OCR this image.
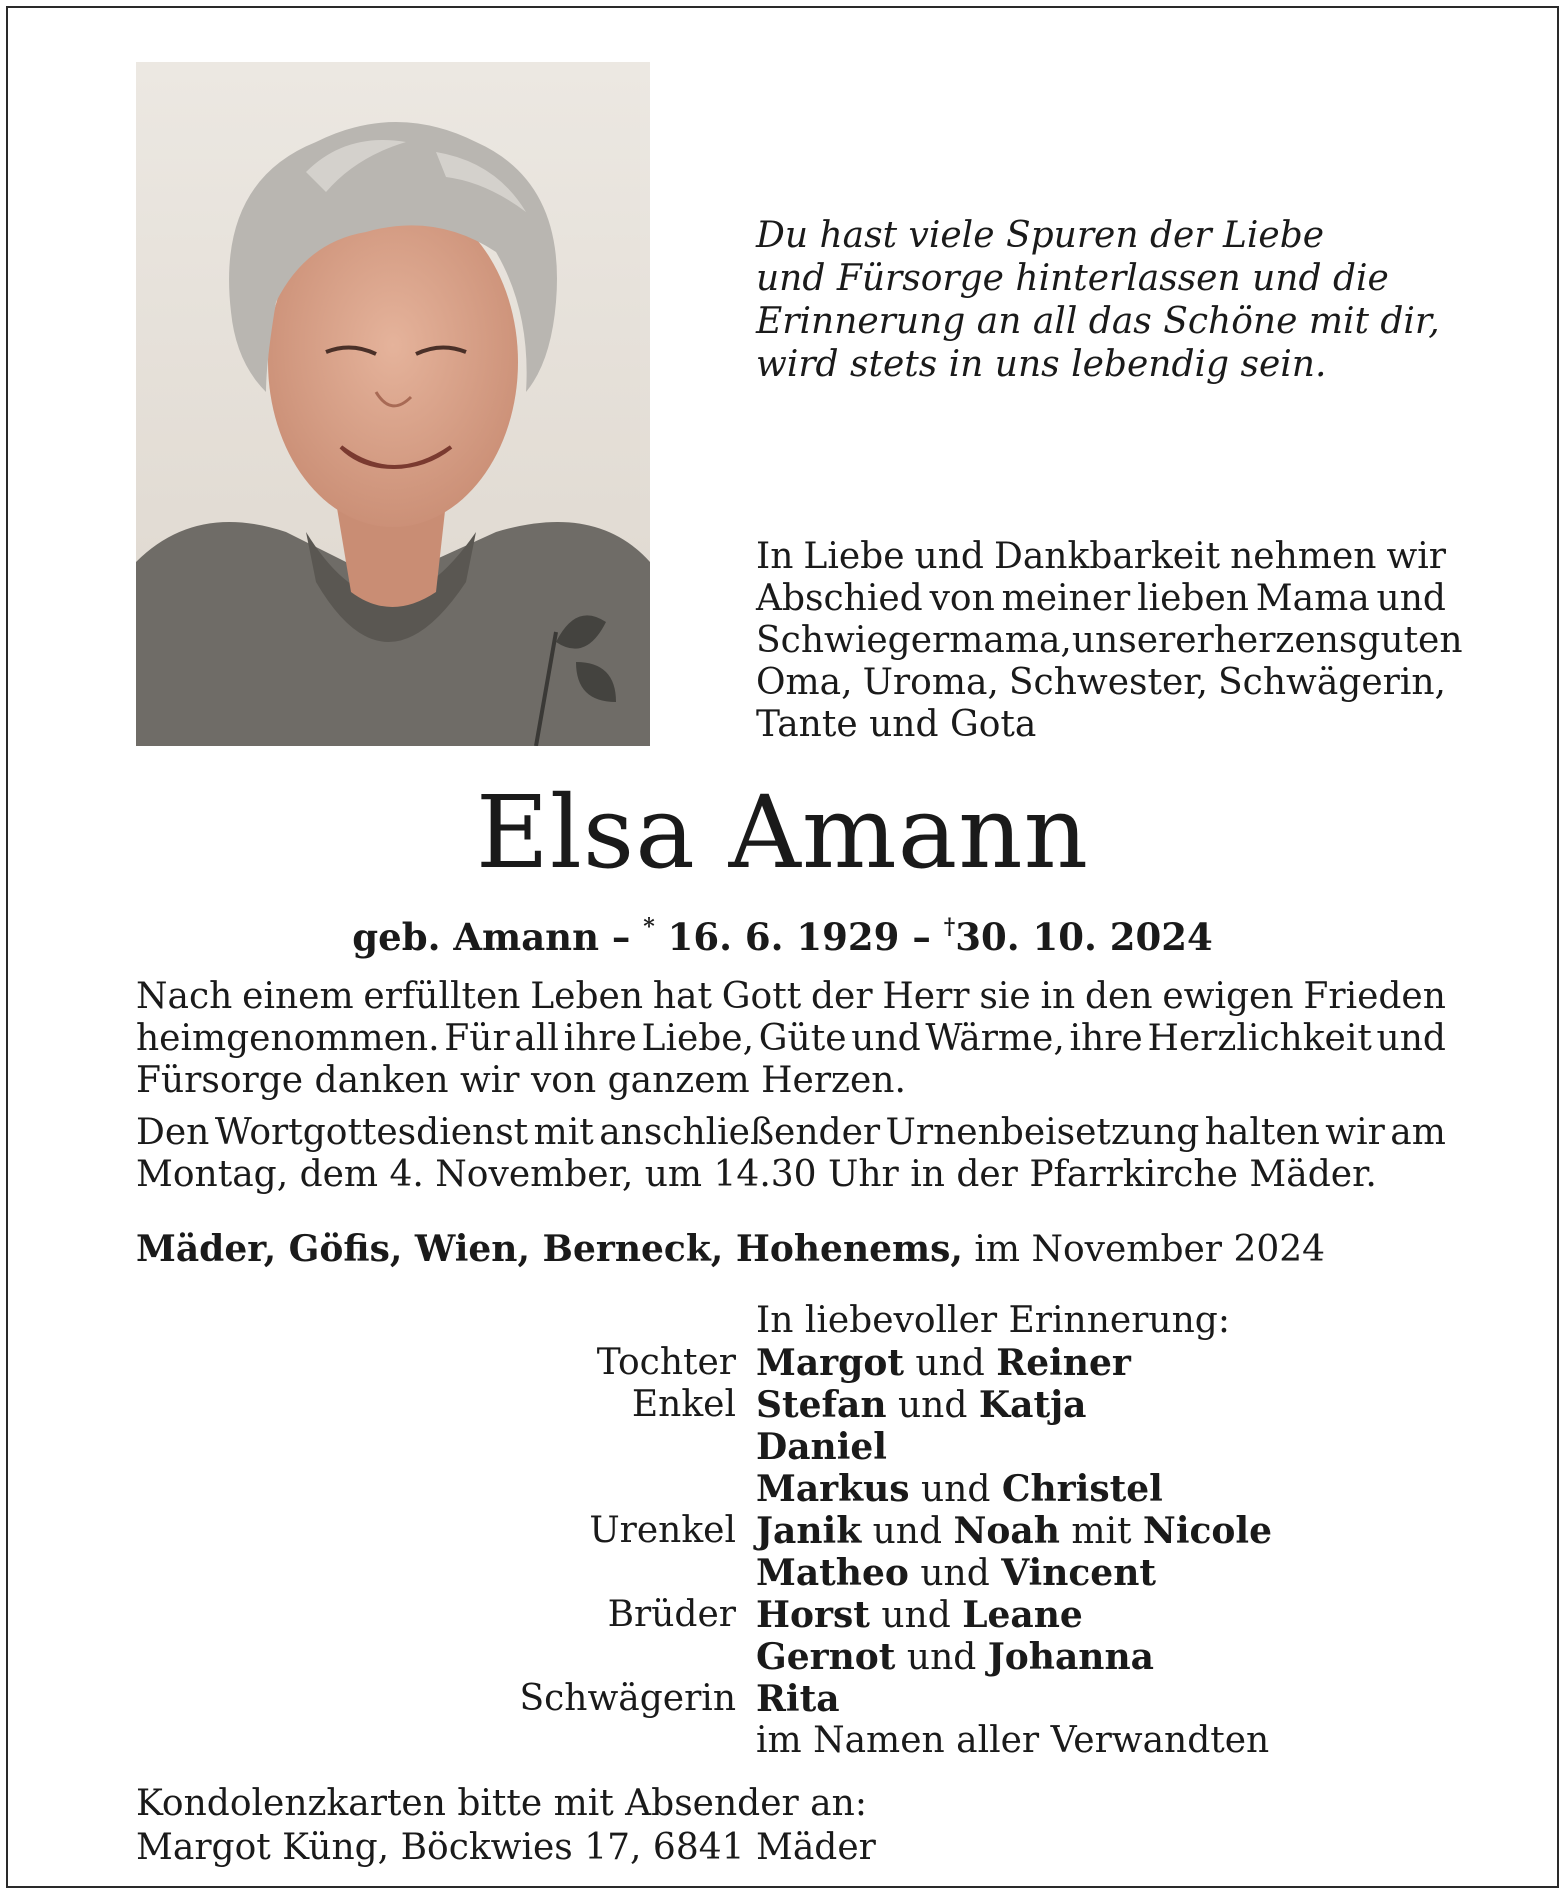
Du hast viele Spuren der Liebe
und Fürsorge hinterlassen und die
Erinnerung an all das Schöne mit dir,
wird stets in uns lebendig sein.
In Liebe und Dankbarkeit nehmen wir
Abschied von meiner lieben Mama und
Schwiegermama, unserer herzensguten
Oma, Uroma, Schwester, Schwägerin,
Tante und Gota
Elsa Amann
geb. Amann – * 16. 6. 1929 – †30. 10. 2024
Nach einem erfüllten Leben hat Gott der Herr sie in den ewigen Frieden
heimgenommen. Für all ihre Liebe, Güte und Wärme, ihre Herzlichkeit und
Fürsorge danken wir von ganzem Herzen.
Den Wortgottesdienst mit anschließender Urnenbeisetzung halten wir am
Montag, dem 4. November, um 14.30 Uhr in der Pfarrkirche Mäder.
Mäder, Göfis, Wien, Berneck, Hohenems, im November 2024
In liebevoller Erinnerung:
Tochter Margot und Reiner
Enkel Stefan und Katja
Daniel
Markus und Christel
Urenkel Janik und Noah mit Nicole
Matheo und Vincent
Brüder Horst und Leane
Gernot und Johanna
Schwägerin Rita
im Namen aller Verwandten
Kondolenzkarten bitte mit Absender an:
Margot Küng, Böckwies 17, 6841 Mäder
